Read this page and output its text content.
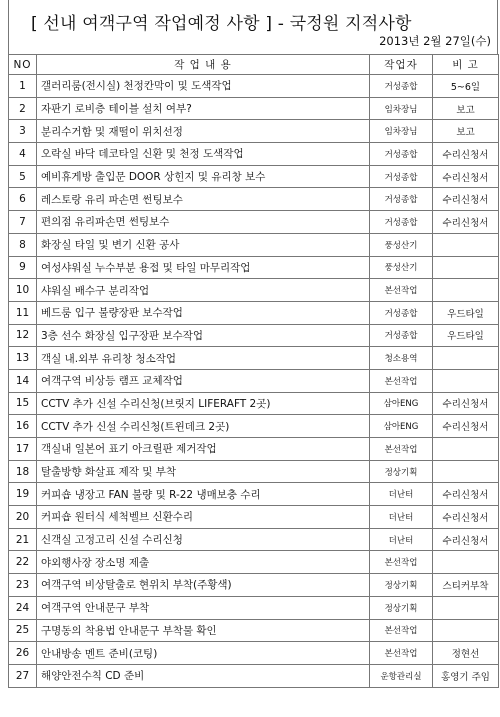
[ 선내 여객구역 작업예정 사항 ] - 국정원 지적사항
2013년 2월 27일(수)
NO	작 업 내 용	작업자	비 고
1	갤러리룸(전시실) 천정칸막이 및 도색작업	거성종합	5~6일
2	자판기 로비층 테이블 설치 여부?	임차장님	보고
3	분리수거함 및 재떨이 위치선정	임차장님	보고
4	오락실 바닥 데코타일 신환 및 천정 도색작업	거성종합	수리신청서
5	예비휴게방 출입문 DOOR 상힌지 및 유리창 보수	거성종합	수리신청서
6	레스토랑 유리 파손면 썬팅보수	거성종합	수리신청서
7	편의점 유리파손면 썬팅보수	거성종합	수리신청서
8	화장실 타일 및 변기 신환 공사	풍성산기	
9	여성샤워실 누수부분 용접 및 타일 마무리작업	풍성산기	
10	샤워실 배수구 분리작업	본선작업	
11	베드룸 입구 불량장판 보수작업	거성종합	우드타일
12	3층 선수 화장실 입구장판 보수작업	거성종합	우드타일
13	객실 내.외부 유리창 청소작업	청소용역	
14	여객구역 비상등 램프 교체작업	본선작업	
15	CCTV 추가 신설 수리신청(브릿지 LIFERAFT 2곳)	삼아ENG	수리신청서
16	CCTV 추가 신설 수리신청(트윈데크 2곳)	삼아ENG	수리신청서
17	객실내 일본어 표기 아크릴판 제거작업	본선작업	
18	탈출방향 화살표 제작 및 부착	정상기획	
19	커피숍 냉장고 FAN 불량 및 R-22 냉매보충 수리	더난터	수리신청서
20	커피숍 원터식 세척벨브 신환수리	더난터	수리신청서
21	신객실 고정고리 신설 수리신청	더난터	수리신청서
22	야외행사장 장소명 제출	본선작업	
23	여객구역 비상탈출로 현위치 부착(주황색)	정상기획	스티커부착
24	여객구역 안내문구 부착	정상기획	
25	구명동의 착용법 안내문구 부착물 확인	본선작업	
26	안내방송 멘트 준비(코팅)	본선작업	정현선
27	해양안전수칙 CD 준비	운항관리실	홍영기 주임
